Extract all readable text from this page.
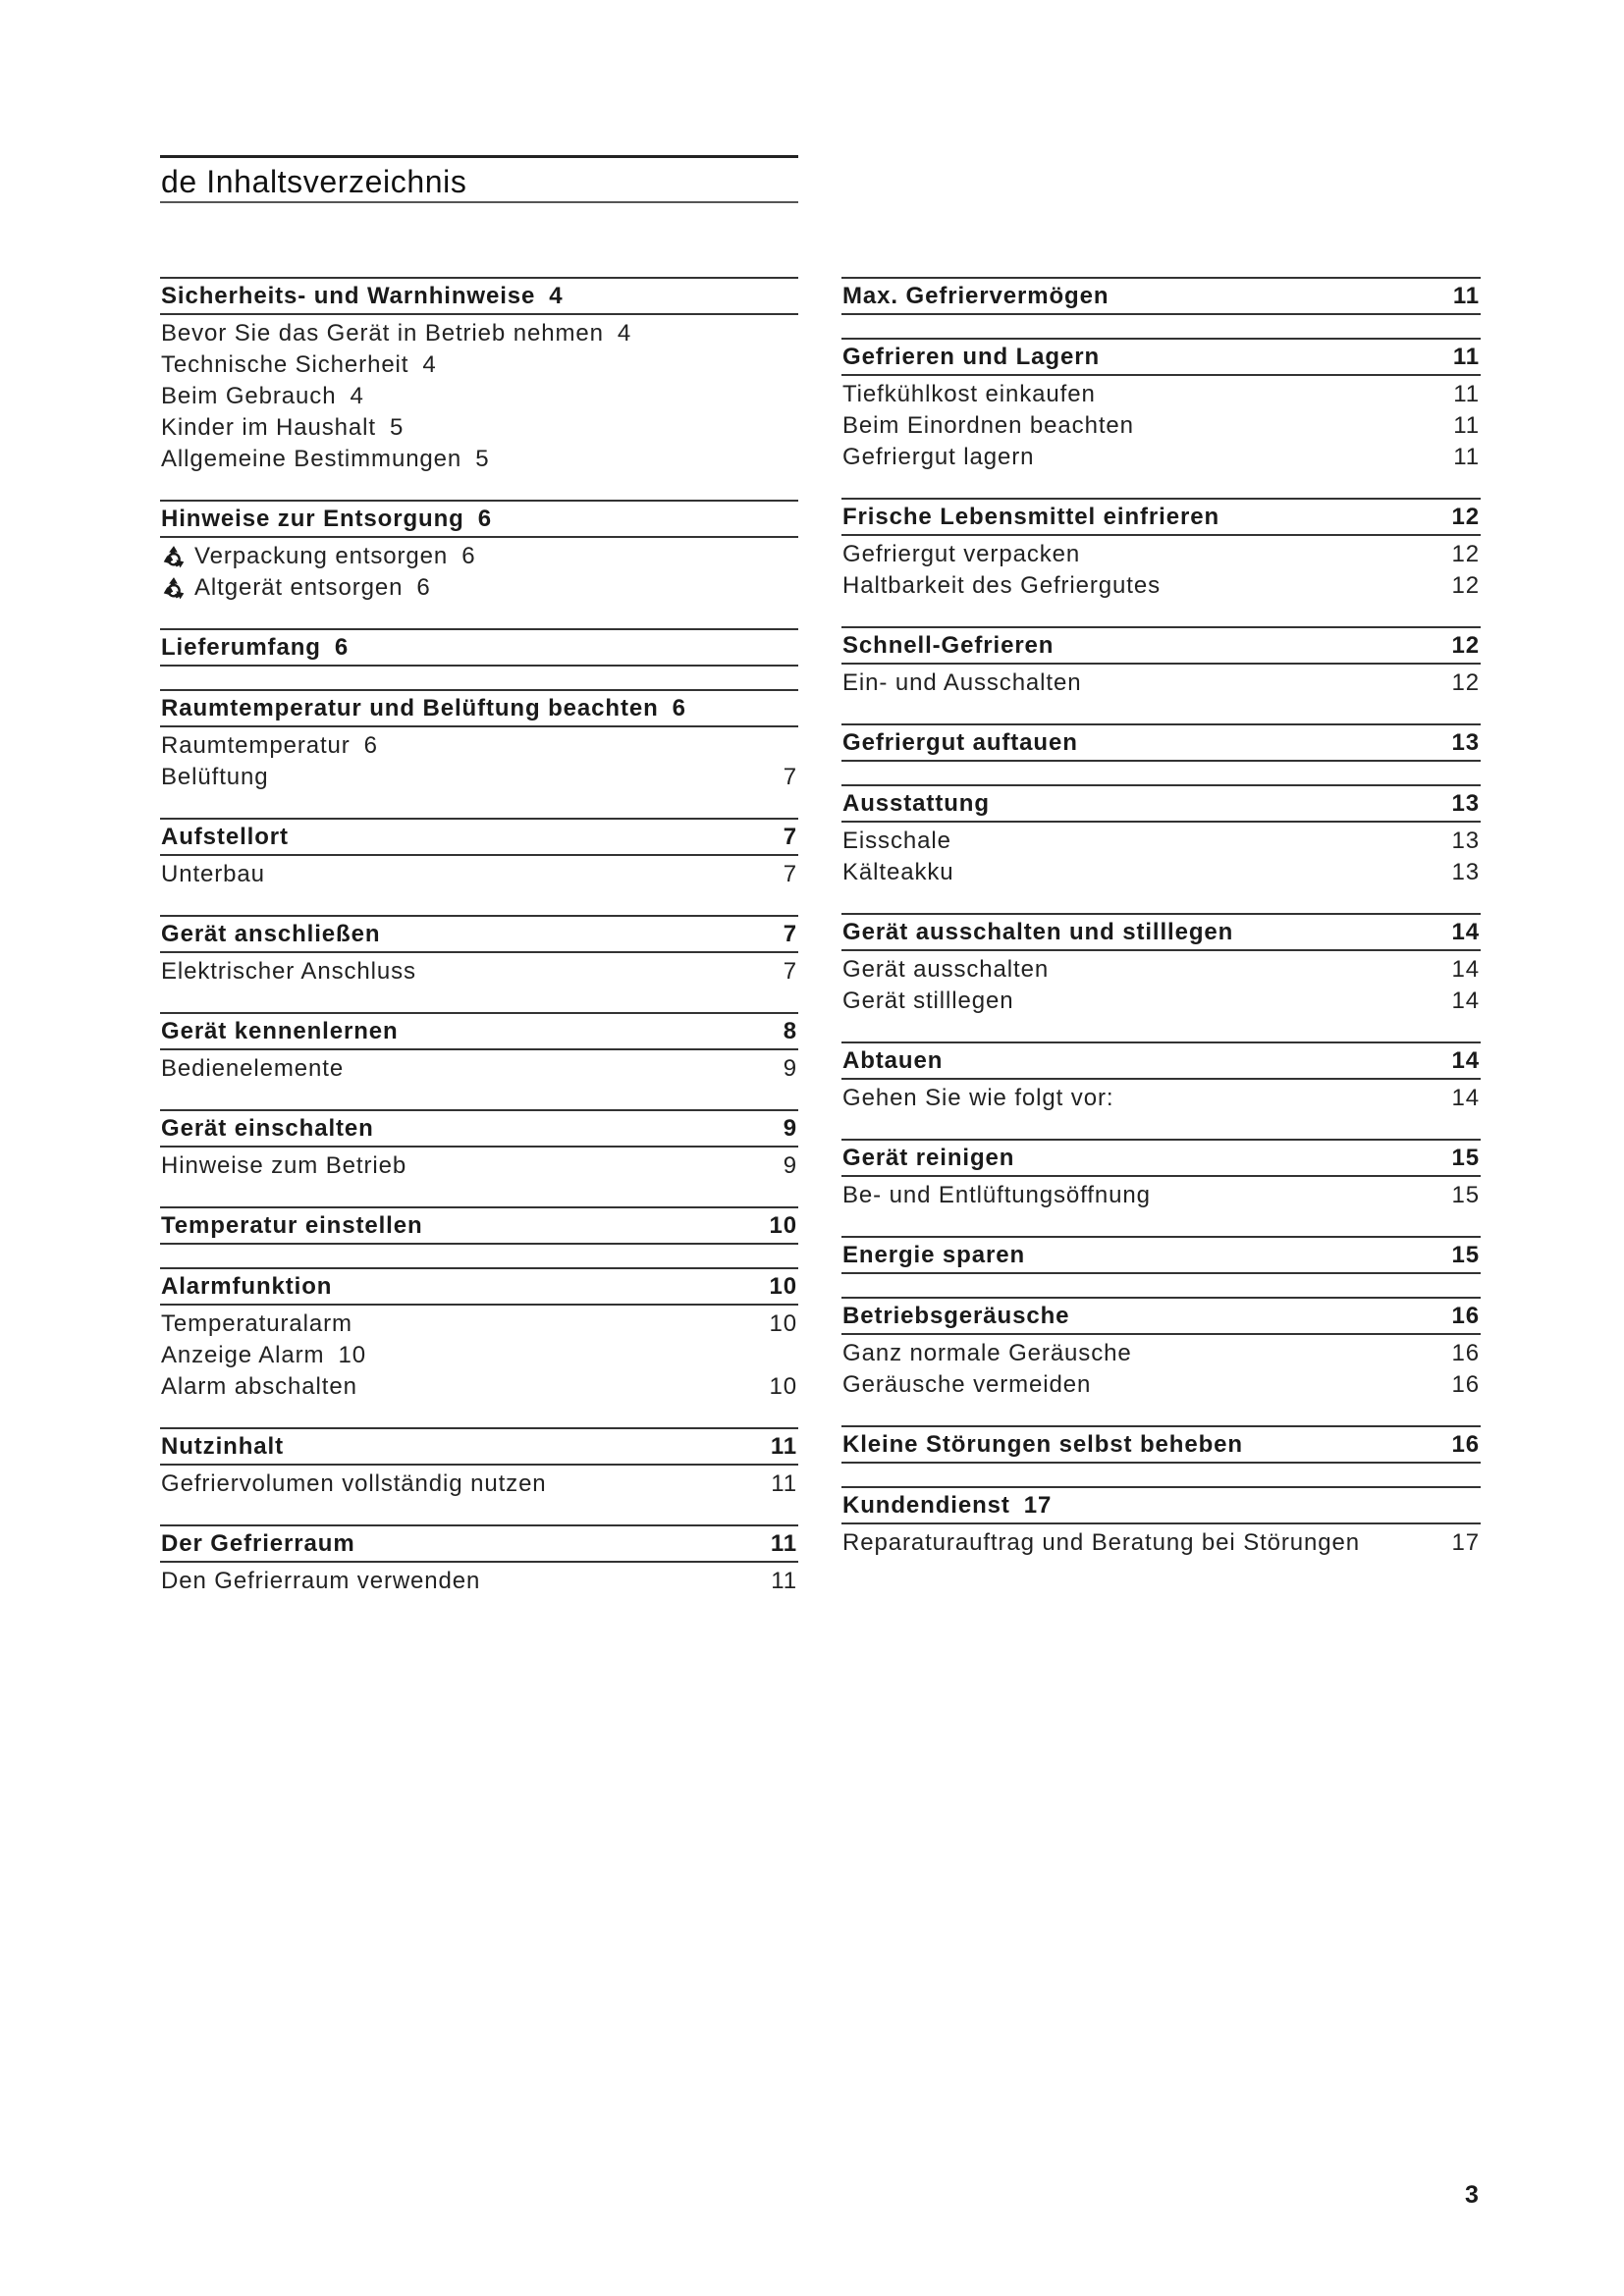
de Inhaltsverzeichnis
Sicherheits- und Warnhinweise 4
Bevor Sie das Gerät in Betrieb nehmen 4
Technische Sicherheit 4
Beim Gebrauch 4
Kinder im Haushalt 5
Allgemeine Bestimmungen 5
Hinweise zur Entsorgung 6
Verpackung entsorgen 6
Altgerät entsorgen 6
Lieferumfang 6
Raumtemperatur und Belüftung beachten 6
Raumtemperatur 6
Belüftung	7
Aufstellort	7
Unterbau	7
Gerät anschließen	7
Elektrischer Anschluss	7
Gerät kennenlernen	8
Bedienelemente	9
Gerät einschalten	9
Hinweise zum Betrieb	9
Temperatur einstellen	10
Alarmfunktion	10
Temperaturalarm	10
Anzeige Alarm 10
Alarm abschalten	10
Nutzinhalt	11
Gefriervolumen vollständig nutzen	11
Der Gefrierraum	11
Den Gefrierraum verwenden	11
Max. Gefriervermögen	11
Gefrieren und Lagern	11
Tiefkühlkost einkaufen	11
Beim Einordnen beachten	11
Gefriergut lagern	11
Frische Lebensmittel einfrieren	12
Gefriergut verpacken	12
Haltbarkeit des Gefriergutes	12
Schnell-Gefrieren	12
Ein- und Ausschalten	12
Gefriergut auftauen	13
Ausstattung	13
Eisschale	13
Kälteakku	13
Gerät ausschalten und stilllegen	14
Gerät ausschalten	14
Gerät stilllegen	14
Abtauen	14
Gehen Sie wie folgt vor:	14
Gerät reinigen	15
Be- und Entlüftungsöffnung	15
Energie sparen	15
Betriebsgeräusche	16
Ganz normale Geräusche	16
Geräusche vermeiden	16
Kleine Störungen selbst beheben	16
Kundendienst 17
Reparaturauftrag und Beratung bei Störungen	17
3
